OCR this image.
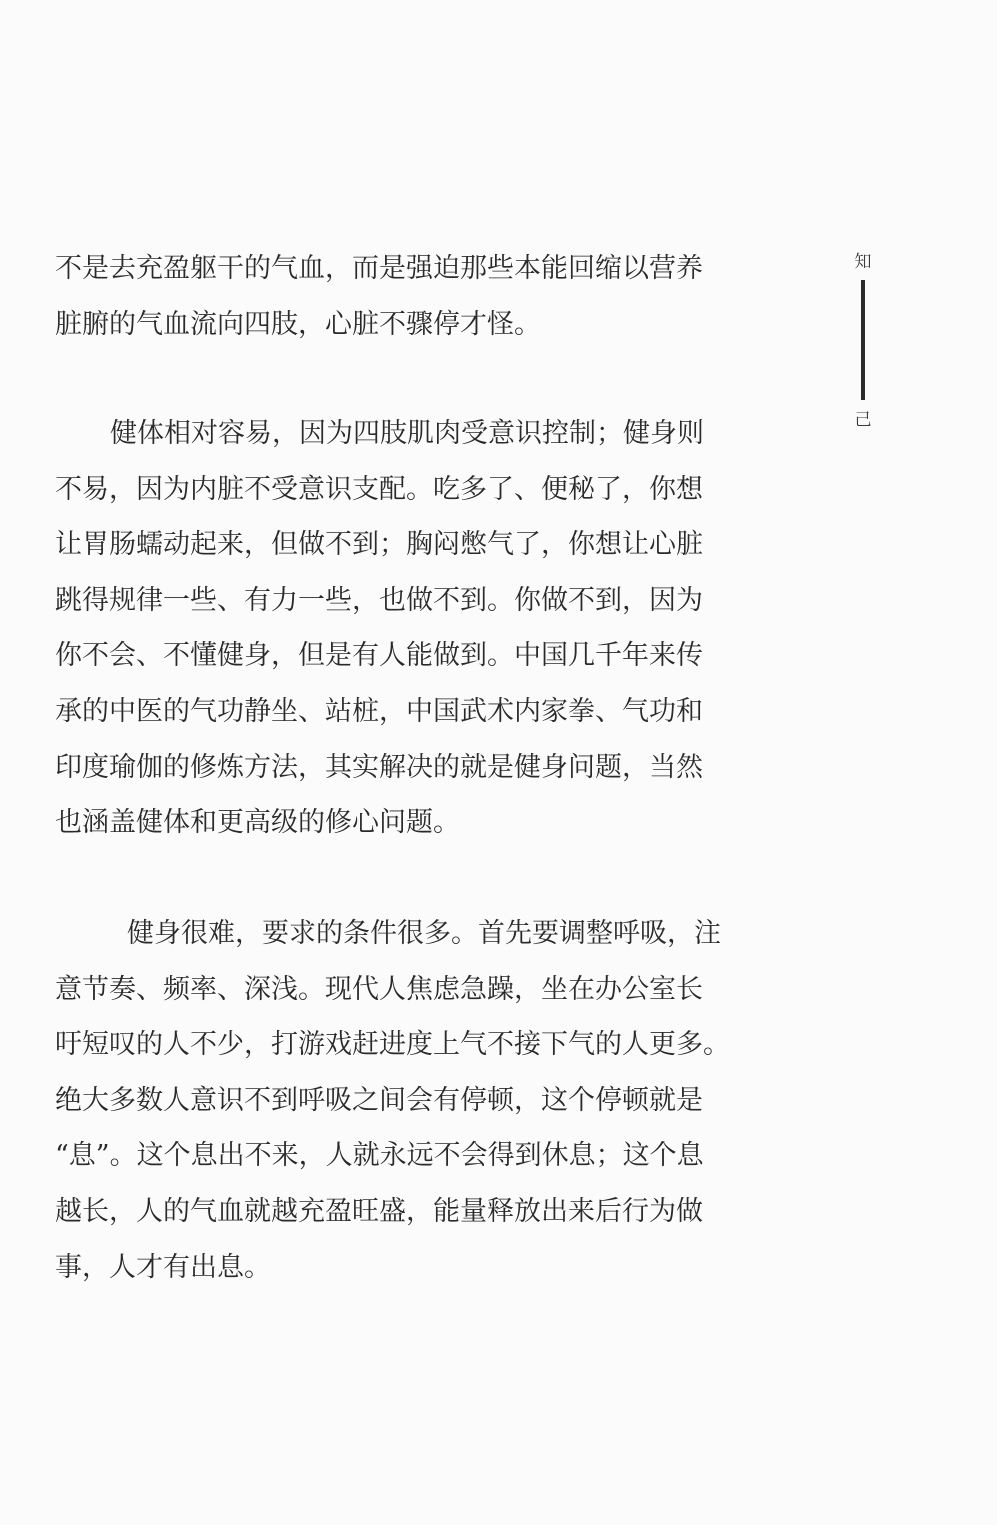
不是去充盈躯干的气血，而是强迫那些本能回缩以营养
脏腑的气血流向四肢，心脏不骤停才怪。
健体相对容易，因为四肢肌肉受意识控制；健身则
不易，因为内脏不受意识支配。吃多了、便秘了，你想
让胃肠蠕动起来，但做不到；胸闷憋气了，你想让心脏
跳得规律一些、有力一些，也做不到。你做不到，因为
你不会、不懂健身，但是有人能做到。中国几千年来传
承的中医的气功静坐、站桩，中国武术内家拳、气功和
印度瑜伽的修炼方法，其实解决的就是健身问题，当然
也涵盖健体和更高级的修心问题。
健身很难，要求的条件很多。首先要调整呼吸，注
意节奏、频率、深浅。现代人焦虑急躁，坐在办公室长
吁短叹的人不少，打游戏赶进度上气不接下气的人更多。
绝大多数人意识不到呼吸之间会有停顿，这个停顿就是
“息”。这个息出不来，人就永远不会得到休息；这个息
越长，人的气血就越充盈旺盛，能量释放出来后行为做
事，人才有出息。
知
己
